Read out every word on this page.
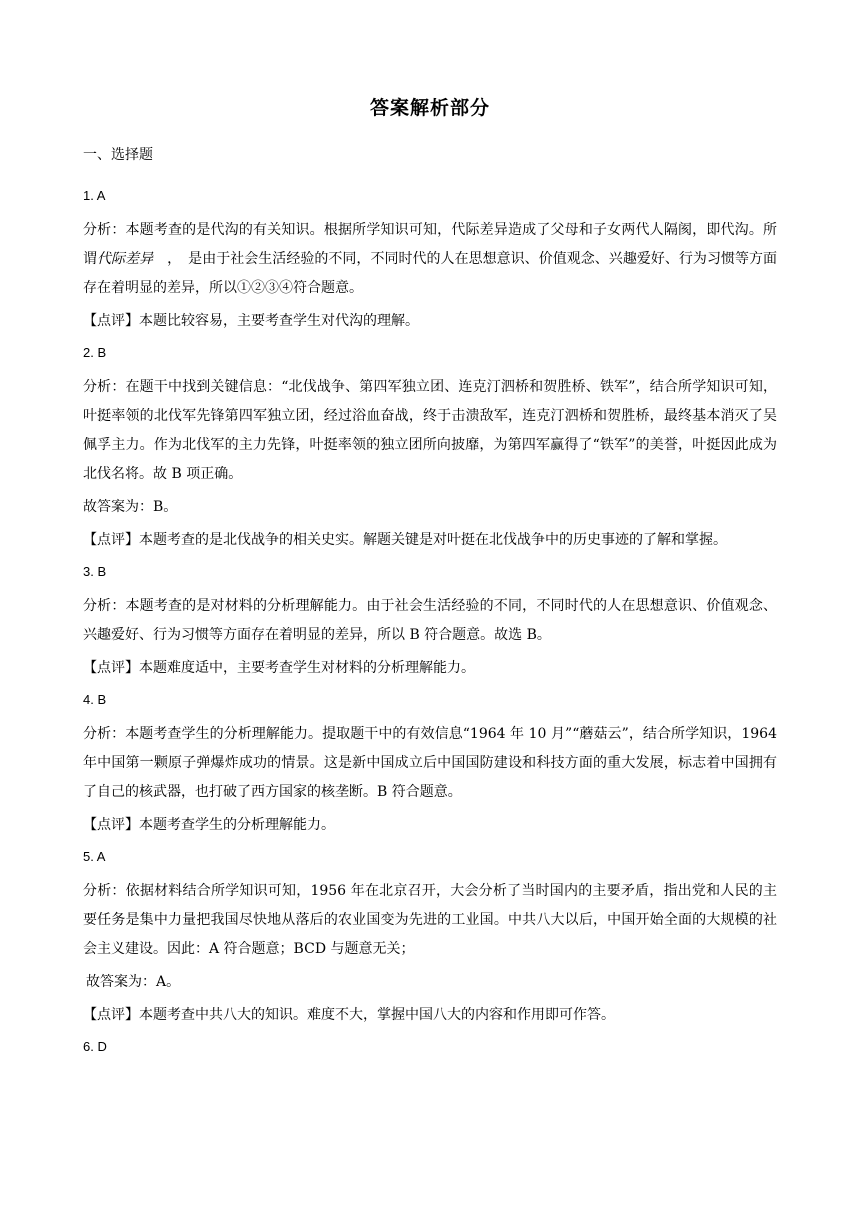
答案解析部分
一、选择题
1. A
分析：本题考查的是代沟的有关知识。根据所学知识可知，代际差异造成了父母和子女两代人隔阂，即代沟。所谓代际差异　，　是由于社会生活经验的不同，不同时代的人在思想意识、价值观念、兴趣爱好、行为习惯等方面存在着明显的差异，所以①②③④符合题意。
【点评】本题比较容易，主要考查学生对代沟的理解。
2. B
分析：在题干中找到关键信息：“北伐战争、第四军独立团、连克汀泗桥和贺胜桥、铁军”，结合所学知识可知，叶挺率领的北伐军先锋第四军独立团，经过浴血奋战，终于击溃敌军，连克汀泗桥和贺胜桥，最终基本消灭了吴佩孚主力。作为北伐军的主力先锋，叶挺率领的独立团所向披靡，为第四军赢得了“铁军”的美誉，叶挺因此成为北伐名将。故 B 项正确。
故答案为：B。
【点评】本题考查的是北伐战争的相关史实。解题关键是对叶挺在北伐战争中的历史事迹的了解和掌握。
3. B
分析：本题考查的是对材料的分析理解能力。由于社会生活经验的不同，不同时代的人在思想意识、价值观念、兴趣爱好、行为习惯等方面存在着明显的差异，所以 B 符合题意。故选 B。
【点评】本题难度适中，主要考查学生对材料的分析理解能力。
4. B
分析：本题考查学生的分析理解能力。提取题干中的有效信息“1964 年 10 月”“蘑菇云”，结合所学知识，1964 年中国第一颗原子弹爆炸成功的情景。这是新中国成立后中国国防建设和科技方面的重大发展，标志着中国拥有了自己的核武器，也打破了西方国家的核垄断。B 符合题意。
【点评】本题考查学生的分析理解能力。
5. A
分析：依据材料结合所学知识可知，1956 年在北京召开，大会分析了当时国内的主要矛盾，指出党和人民的主要任务是集中力量把我国尽快地从落后的农业国变为先进的工业国。中共八大以后，中国开始全面的大规模的社会主义建设。因此：A 符合题意；BCD 与题意无关；
故答案为：A。
【点评】本题考查中共八大的知识。难度不大，掌握中国八大的内容和作用即可作答。
6. D
